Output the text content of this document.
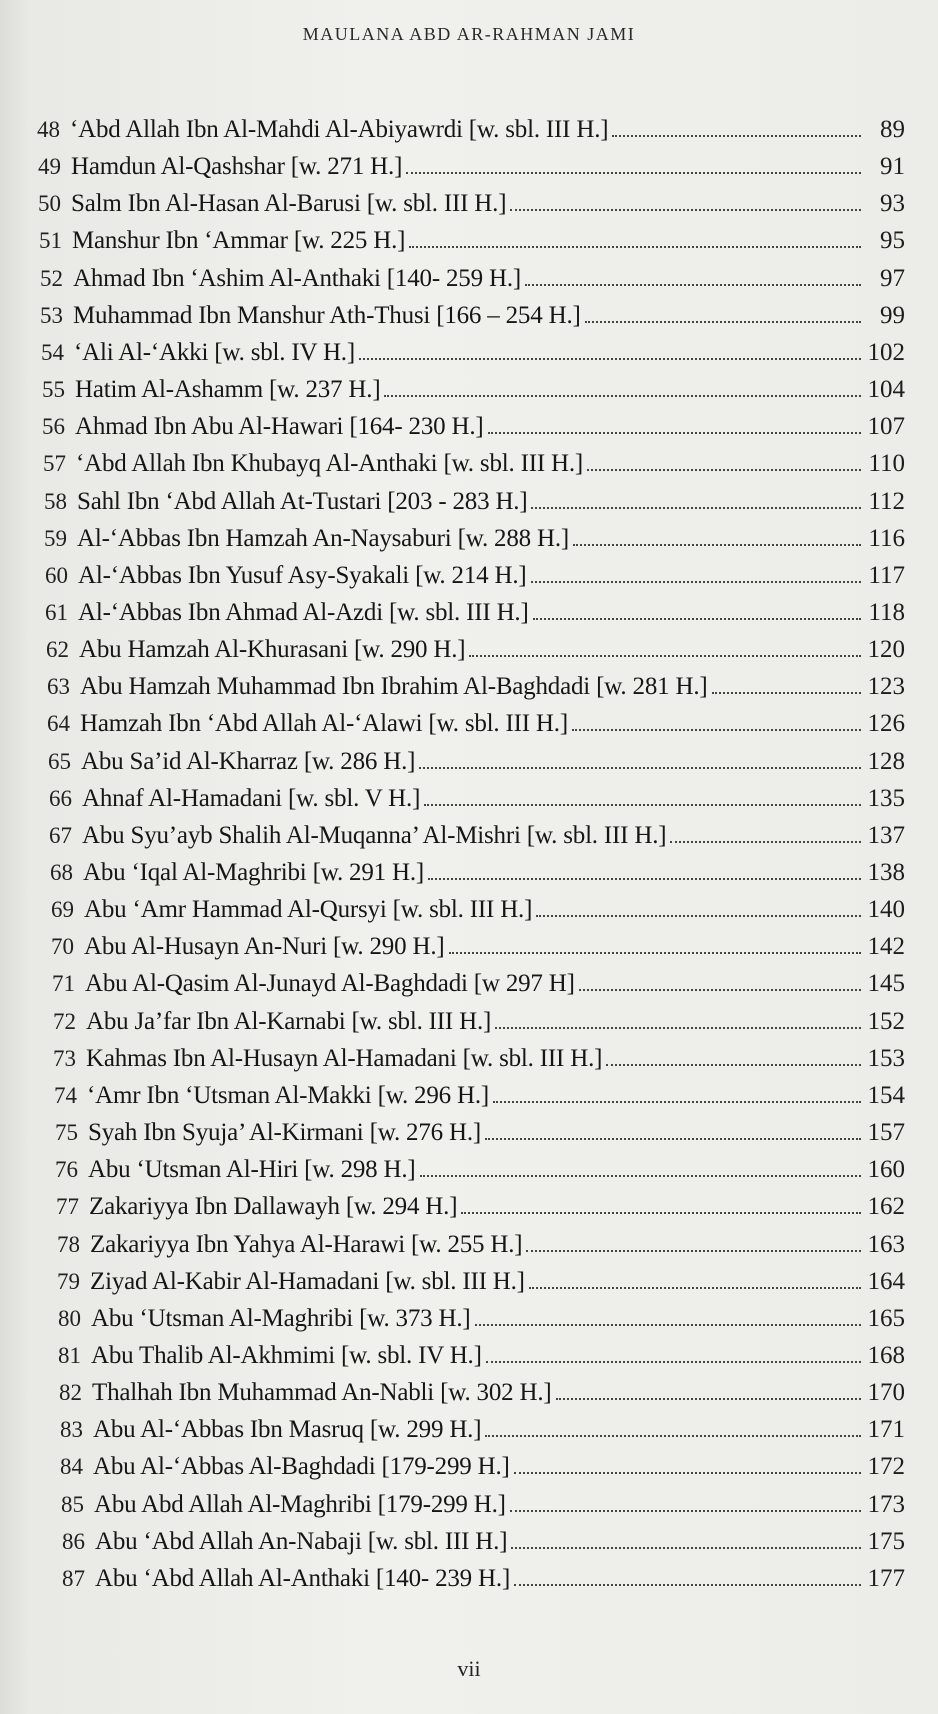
MAULANA ABD AR-RAHMAN JAMI
48 ‘Abd Allah Ibn Al-Mahdi Al-Abiyawrdi [w. sbl. III H.]	89
49 Hamdun Al-Qashshar [w. 271 H.]	91
50 Salm Ibn Al-Hasan Al-Barusi [w. sbl. III H.]	93
51 Manshur Ibn ‘Ammar [w. 225 H.]	95
52 Ahmad Ibn ‘Ashim Al-Anthaki [140- 259 H.]	97
53 Muhammad Ibn Manshur Ath-Thusi [166 – 254 H.]	99
54 ‘Ali Al-‘Akki [w. sbl. IV H.]	102
55 Hatim Al-Ashamm [w. 237 H.]	104
56 Ahmad Ibn Abu Al-Hawari [164- 230 H.]	107
57 ‘Abd Allah Ibn Khubayq Al-Anthaki [w. sbl. III H.]	110
58 Sahl Ibn ‘Abd Allah At-Tustari [203 - 283 H.]	112
59 Al-‘Abbas Ibn Hamzah An-Naysaburi [w. 288 H.]	116
60 Al-‘Abbas Ibn Yusuf Asy-Syakali [w. 214 H.]	117
61 Al-‘Abbas Ibn Ahmad Al-Azdi [w. sbl. III H.]	118
62 Abu Hamzah Al-Khurasani [w. 290 H.]	120
63 Abu Hamzah Muhammad Ibn Ibrahim Al-Baghdadi [w. 281 H.]	123
64 Hamzah Ibn ‘Abd Allah Al-‘Alawi [w. sbl. III H.]	126
65 Abu Sa’id Al-Kharraz [w. 286 H.]	128
66 Ahnaf Al-Hamadani [w. sbl. V H.]	135
67 Abu Syu’ayb Shalih Al-Muqanna’ Al-Mishri [w. sbl. III H.]	137
68 Abu ‘Iqal Al-Maghribi [w. 291 H.]	138
69 Abu ‘Amr Hammad Al-Qursyi [w. sbl. III H.]	140
70 Abu Al-Husayn An-Nuri [w. 290 H.]	142
71 Abu Al-Qasim Al-Junayd Al-Baghdadi [w 297 H]	145
72 Abu Ja’far Ibn Al-Karnabi [w. sbl. III H.]	152
73 Kahmas Ibn Al-Husayn Al-Hamadani [w. sbl. III H.]	153
74 ‘Amr Ibn ‘Utsman Al-Makki [w. 296 H.]	154
75 Syah Ibn Syuja’ Al-Kirmani [w. 276 H.]	157
76 Abu ‘Utsman Al-Hiri [w. 298 H.]	160
77 Zakariyya Ibn Dallawayh [w. 294 H.]	162
78 Zakariyya Ibn Yahya Al-Harawi [w. 255 H.]	163
79 Ziyad Al-Kabir Al-Hamadani [w. sbl. III H.]	164
80 Abu ‘Utsman Al-Maghribi [w. 373 H.]	165
81 Abu Thalib Al-Akhmimi [w. sbl. IV H.]	168
82 Thalhah Ibn Muhammad An-Nabli [w. 302 H.]	170
83 Abu Al-‘Abbas Ibn Masruq [w. 299 H.]	171
84 Abu Al-‘Abbas Al-Baghdadi [179-299 H.]	172
85 Abu Abd Allah Al-Maghribi [179-299 H.]	173
86 Abu ‘Abd Allah An-Nabaji [w. sbl. III H.]	175
87 Abu ‘Abd Allah Al-Anthaki [140- 239 H.]	177
vii
